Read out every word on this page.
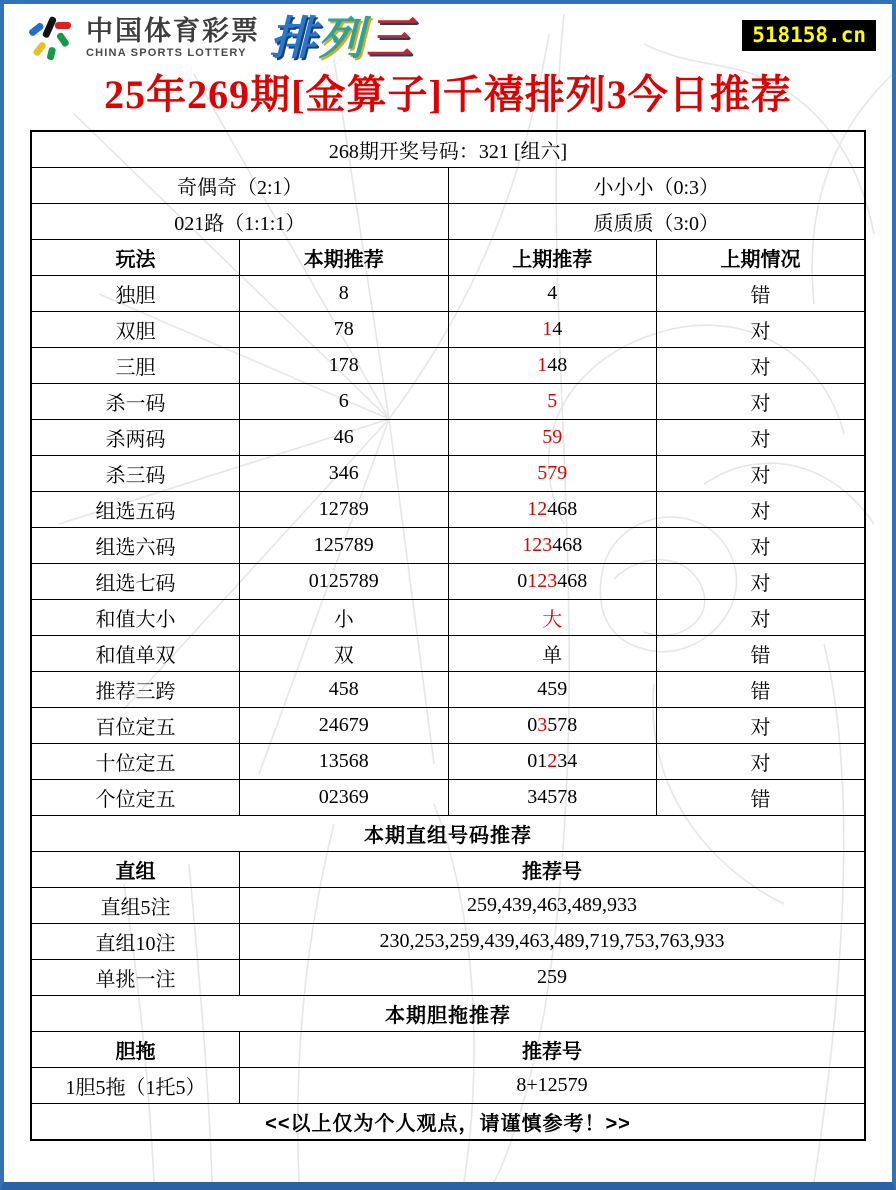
中国体育彩票
CHINA SPORTS LOTTERY 排 列 三	518158.cn
25年269期[金算子]千禧排列3今日推荐
268期开奖号码：321 [组六]			
奇偶奇（2:1）		小小小（0:3）	
021路（1:1:1）		质质质（3:0）	
玩法	本期推荐	上期推荐	上期情况
独胆	8	4	错
双胆	78	14	对
三胆	178	148	对
杀一码	6	5	对
杀两码	46	59	对
杀三码	346	579	对
组选五码	12789	12468	对
组选六码	125789	123468	对
组选七码	0125789	0123468	对
和值大小	小	大	对
和值单双	双	单	错
推荐三跨	458	459	错
百位定五	24679	03578	对
十位定五	13568	01234	对
个位定五	02369	34578	错
本期直组号码推荐			
直组	推荐号		
直组5注	259,439,463,489,933		
直组10注	230,253,259,439,463,489,719,753,763,933		
单挑一注	259		
本期胆拖推荐			
胆拖	推荐号		
1胆5拖（1托5）	8+12579		
<<以上仅为个人观点，请谨慎参考！>>			
